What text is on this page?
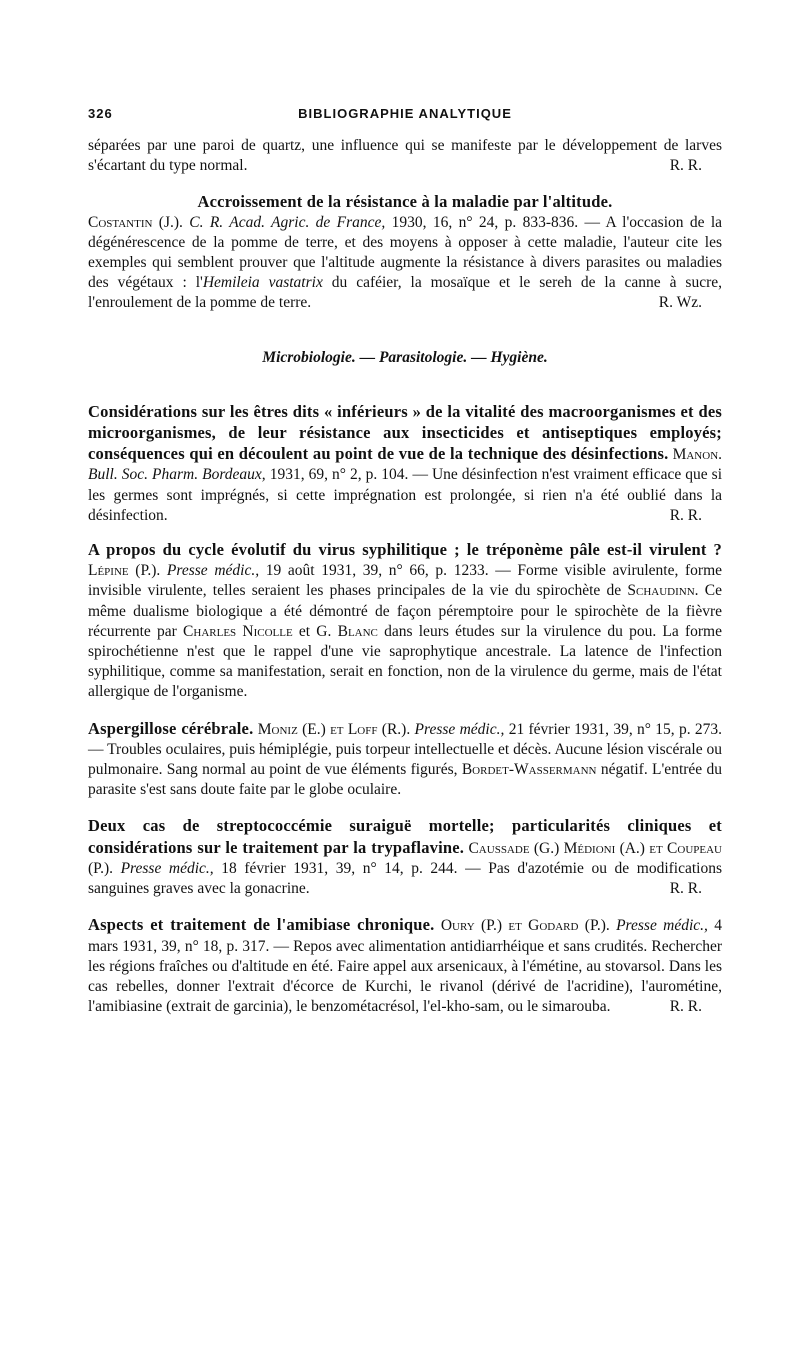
326	BIBLIOGRAPHIE ANALYTIQUE

séparées par une paroi de quartz, une influence qui se manifeste par le développement de larves s'écartant du type normal.	R. R.

Accroissement de la résistance à la maladie par l'altitude.

Costantin (J.). C. R. Acad. Agric. de France, 1930, 16, n° 24, p. 833-836. — A l'occasion de la dégénérescence de la pomme de terre, et des moyens à opposer à cette maladie, l'auteur cite les exemples qui semblent prouver que l'altitude augmente la résistance à divers parasites ou maladies des végétaux : l'Hemileia vastatrix du caféier, la mosaïque et le sereh de la canne à sucre, l'enroulement de la pomme de terre.	R. Wz.

Microbiologie. — Parasitologie. — Hygiène.

Considérations sur les êtres dits « inférieurs » de la vitalité des macroorganismes et des microorganismes, de leur résistance aux insecticides et antiseptiques employés; conséquences qui en découlent au point de vue de la technique des désinfections. Manon. Bull. Soc. Pharm. Bordeaux, 1931, 69, n° 2, p. 104. — Une désinfection n'est vraiment efficace que si les germes sont imprégnés, si cette imprégnation est prolongée, si rien n'a été oublié dans la désinfection.	R. R.

A propos du cycle évolutif du virus syphilitique ; le tréponème pâle est-il virulent ? Lépine (P.). Presse médic., 19 août 1931, 39, n° 66, p. 1233. — Forme visible avirulente, forme invisible virulente, telles seraient les phases principales de la vie du spirochète de Schaudinn. Ce même dualisme biologique a été démontré de façon péremptoire pour le spirochète de la fièvre récurrente par Charles Nicolle et G. Blanc dans leurs études sur la virulence du pou. La forme spirochétienne n'est que le rappel d'une vie saprophytique ancestrale. La latence de l'infection syphilitique, comme sa manifestation, serait en fonction, non de la virulence du germe, mais de l'état allergique de l'organisme.

Aspergillose cérébrale. Moniz (E.) et Loff (R.). Presse médic., 21 février 1931, 39, n° 15, p. 273. — Troubles oculaires, puis hémiplégie, puis torpeur intellectuelle et décès. Aucune lésion viscérale ou pulmonaire. Sang normal au point de vue éléments figurés, Bordet-Wassermann négatif. L'entrée du parasite s'est sans doute faite par le globe oculaire.

Deux cas de streptococcémie suraiguë mortelle; particularités cliniques et considérations sur le traitement par la trypaflavine. Caussade (G.) Médioni (A.) et Coupeau (P.). Presse médic., 18 février 1931, 39, n° 14, p. 244. — Pas d'azotémie ou de modifications sanguines graves avec la gonacrine.	R. R.

Aspects et traitement de l'amibiase chronique. Oury (P.) et Godard (P.). Presse médic., 4 mars 1931, 39, n° 18, p. 317. — Repos avec alimentation antidiarrhéique et sans crudités. Rechercher les régions fraîches ou d'altitude en été. Faire appel aux arsenicaux, à l'émétine, au stovarsol. Dans les cas rebelles, donner l'extrait d'écorce de Kurchi, le rivanol (dérivé de l'acridine), l'aurométine, l'amibiasine (extrait de garcinia), le benzométacrésol, l'el-kho-sam, ou le simarouba.	R. R.
